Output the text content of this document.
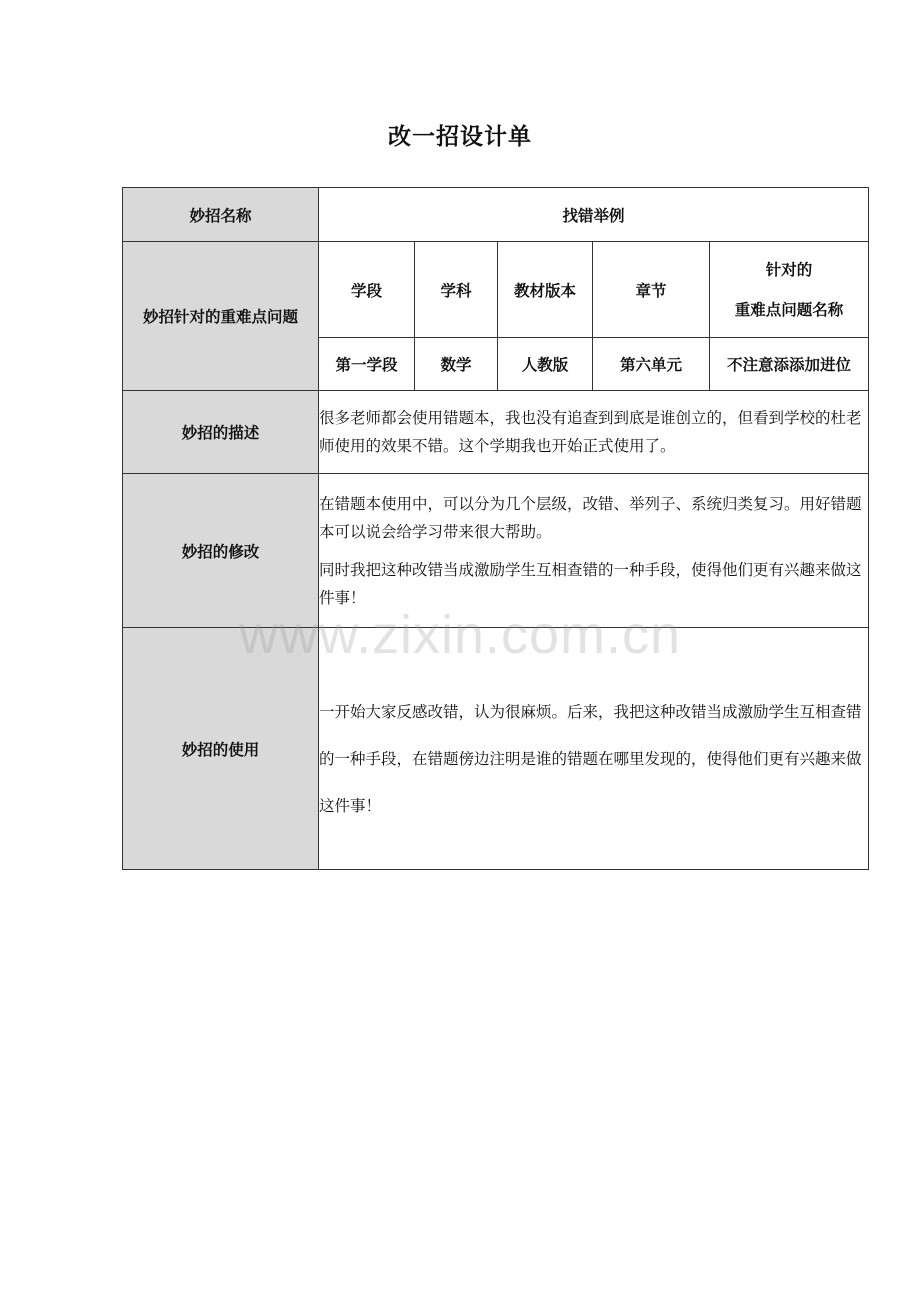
改一招设计单
妙招名称	找错举例				
妙招针对的重难点问题	学段	学科	教材版本	章节	针对的
重难点问题名称

	第一学段	数学	人教版	第六单元	不注意添添加进位
妙招的描述	很多老师都会使用错题本，我也没有追查到到底是谁创立的，但看到学校的杜老师使用的效果不错。这个学期我也开始正式使用了。				

妙招的修改	在错题本使用中，可以分为几个层级，改错、举列子、系统归类复习。用好错题本可以说会给学习带来很大帮助。

同时我把这种改错当成激励学生互相查错的一种手段，使得他们更有兴趣来做这件事！				

妙招的使用	一开始大家反感改错，认为很麻烦。后来，我把这种改错当成激励学生互相查错的一种手段，在错题傍边注明是谁的错题在哪里发现的，使得他们更有兴趣来做这件事！				

www.zixin.com.cn
